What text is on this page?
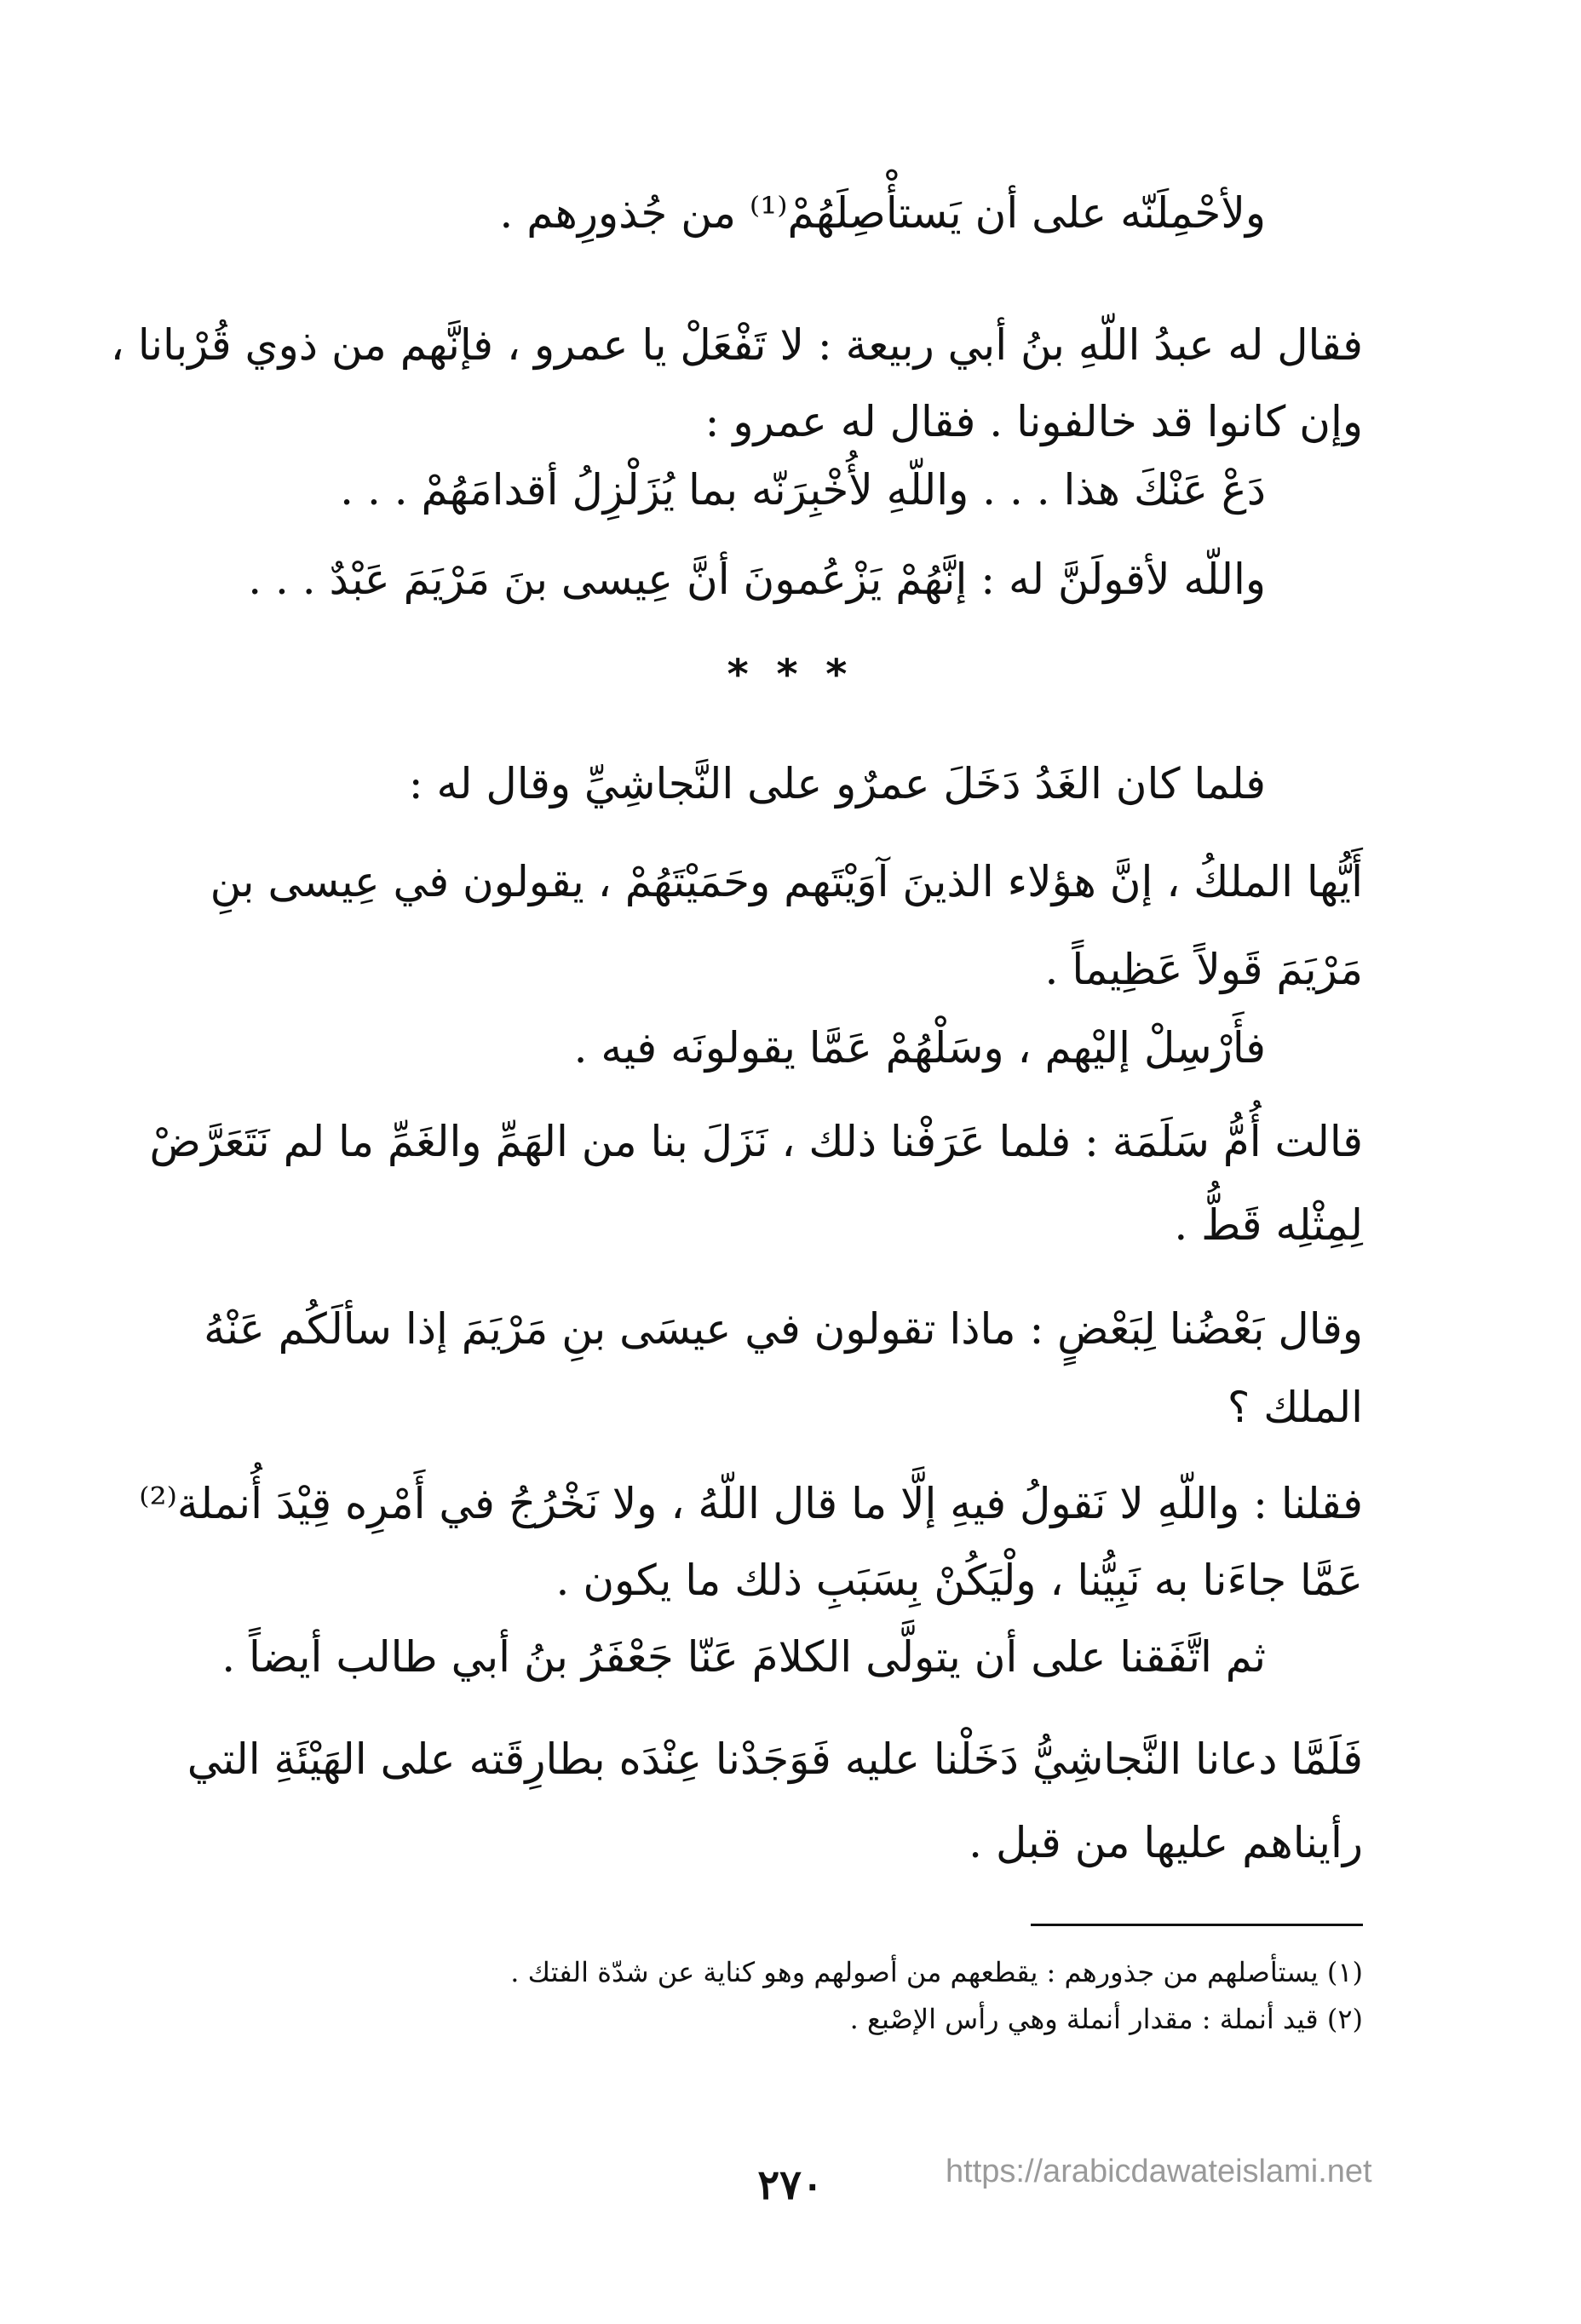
ولأحْمِلَنّه على أن يَستأْصِلَهُمْ⁽¹⁾ من جُذورِهم .
فقال له عبدُ اللّهِ بنُ أبي ربيعة : لا تَفْعَلْ يا عمرو ، فإنَّهم من ذوي قُرْبانا ،
وإن كانوا قد خالفونا . فقال له عمرو :
دَعْ عَنْكَ هذا . . . واللّهِ لأُخْبِرَنّه بما يُزَلْزِلُ أقدامَهُمْ . . .
واللّه لأقولَنَّ له : إنَّهُمْ يَزْعُمونَ أنَّ عِيسى بنَ مَرْيَمَ عَبْدٌ . . .
* * *
فلما كان الغَدُ دَخَلَ عمرٌو على النَّجاشِيِّ وقال له :
أَيُّها الملكُ ، إنَّ هؤلاء الذينَ آوَيْتَهم وحَمَيْتَهُمْ ، يقولون في عِيسى بنِ
مَرْيَمَ قَولاً عَظِيماً .
فأَرْسِلْ إليْهم ، وسَلْهُمْ عَمَّا يقولونَه فيه .
قالت أُمُّ سَلَمَة : فلما عَرَفْنا ذلك ، نَزَلَ بنا من الهَمِّ والغَمِّ ما لم نَتَعَرَّضْ
لِمِثْلِه قَطُّ .
وقال بَعْضُنا لِبَعْضٍ : ماذا تقولون في عيسَى بنِ مَرْيَمَ إذا سألَكُم عَنْهُ
الملك ؟
فقلنا : واللّهِ لا نَقولُ فيهِ إلَّا ما قال اللّهُ ، ولا نَخْرُجُ في أَمْرِه قِيْدَ أُنملة⁽²⁾
عَمَّا جاءَنا به نَبِيُّنا ، ولْيَكُنْ بِسَبَبِ ذلك ما يكون .
ثم اتَّفَقنا على أن يتولَّى الكلامَ عَنّا جَعْفَرُ بنُ أبي طالب أيضاً .
فَلَمَّا دعانا النَّجاشِيُّ دَخَلْنا عليه فَوَجَدْنا عِنْدَه بطارِقَته على الهَيْئَةِ التي
رأيناهم عليها من قبل .
(١) يستأصلهم من جذورهم : يقطعهم من أصولهم وهو كناية عن شدّة الفتك .
(٢) قيد أنملة : مقدار أنملة وهي رأس الإصْبع .
٢٧٠	https://arabicdawateislami.net
